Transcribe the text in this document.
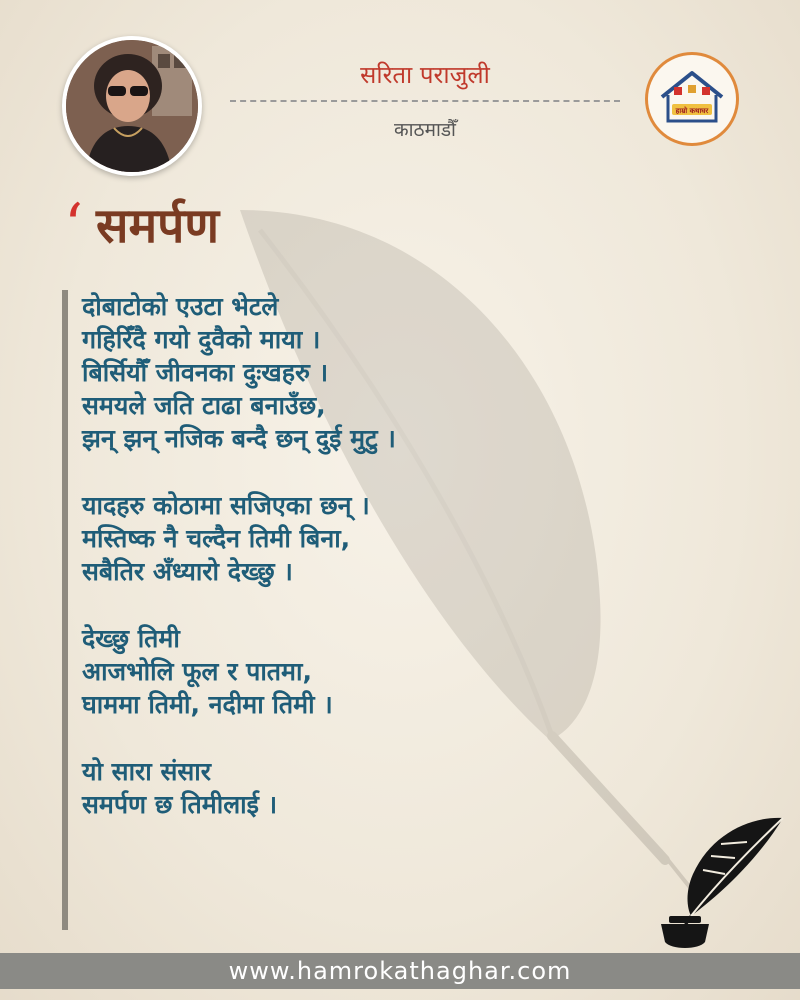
सरिता पराजुली
काठमाडौँ
हाम्रो कथाघर
‘ समर्पण
दोबाटोको एउटा भेटले
गहिरिँदै गयो दुवैको माया ।
बिर्सियौँ जीवनका दुःखहरु ।
समयले जति टाढा बनाउँछ,
झन् झन् नजिक बन्दै छन् दुई मुटु ।
यादहरु कोठामा सजिएका छन् ।
मस्तिष्क नै चल्दैन तिमी बिना,
सबैतिर अँध्यारो देख्छु ।
देख्छु तिमी
आजभोलि फूल र पातमा,
घाममा तिमी, नदीमा तिमी ।
यो सारा संसार
समर्पण छ तिमीलाई ।
www.hamrokathaghar.com
